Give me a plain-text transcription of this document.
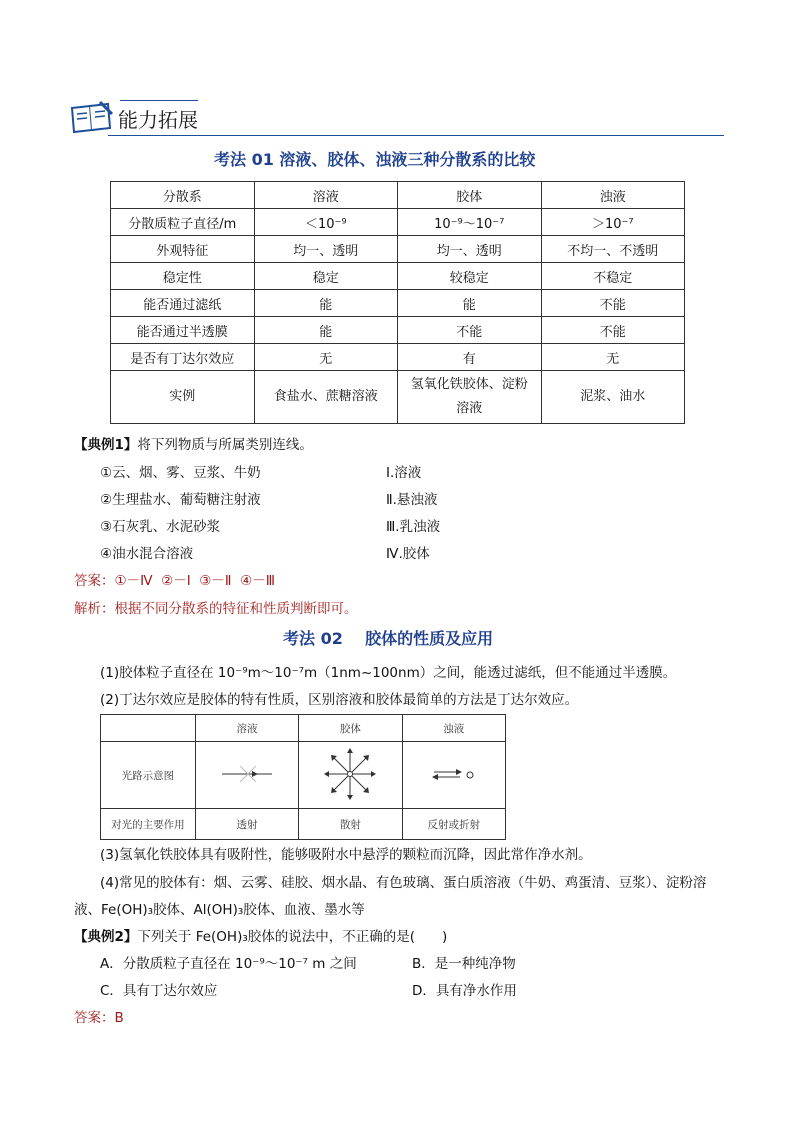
能力拓展
考法 01 溶液、胶体、浊液三种分散系的比较
分散系	溶液	胶体	浊液
分散质粒子直径/m	＜10⁻⁹	10⁻⁹～10⁻⁷	＞10⁻⁷
外观特征	均一、透明	均一、透明	不均一、不透明
稳定性	稳定	较稳定	不稳定
能否通过滤纸	能	能	不能
能否通过半透膜	能	不能	不能
是否有丁达尔效应	无	有	无
实例	食盐水、蔗糖溶液	氢氧化铁胶体、淀粉溶液	泥浆、油水
【典例1】将下列物质与所属类别连线。
①云、烟、雾、豆浆、牛奶
②生理盐水、葡萄糖注射液
③石灰乳、水泥砂浆
④油水混合溶液
Ⅰ.溶液
Ⅱ.悬浊液
Ⅲ.乳浊液
Ⅳ.胶体
答案：①－Ⅳ  ②－Ⅰ  ③－Ⅱ  ④－Ⅲ
解析：根据不同分散系的特征和性质判断即可。
考法 02    胶体的性质及应用
(1)胶体粒子直径在 10⁻⁹m～10⁻⁷m（1nm~100nm）之间，能透过滤纸，但不能通过半透膜。
(2)丁达尔效应是胶体的特有性质，区别溶液和胶体最简单的方法是丁达尔效应。
	溶液	胶体	浊液
光路示意图			
对光的主要作用	透射	散射	反射或折射
(3)氢氧化铁胶体具有吸附性，能够吸附水中悬浮的颗粒而沉降，因此常作净水剂。
(4)常见的胶体有：烟、云雾、硅胶、烟水晶、有色玻璃、蛋白质溶液（牛奶、鸡蛋清、豆浆）、淀粉溶
液、Fe(OH)₃胶体、Al(OH)₃胶体、血液、墨水等
【典例2】下列关于 Fe(OH)₃胶体的说法中，不正确的是(　　)
A．分散质粒子直径在 10⁻⁹～10⁻⁷ m 之间	B．是一种纯净物
C．具有丁达尔效应	D．具有净水作用
答案：B
